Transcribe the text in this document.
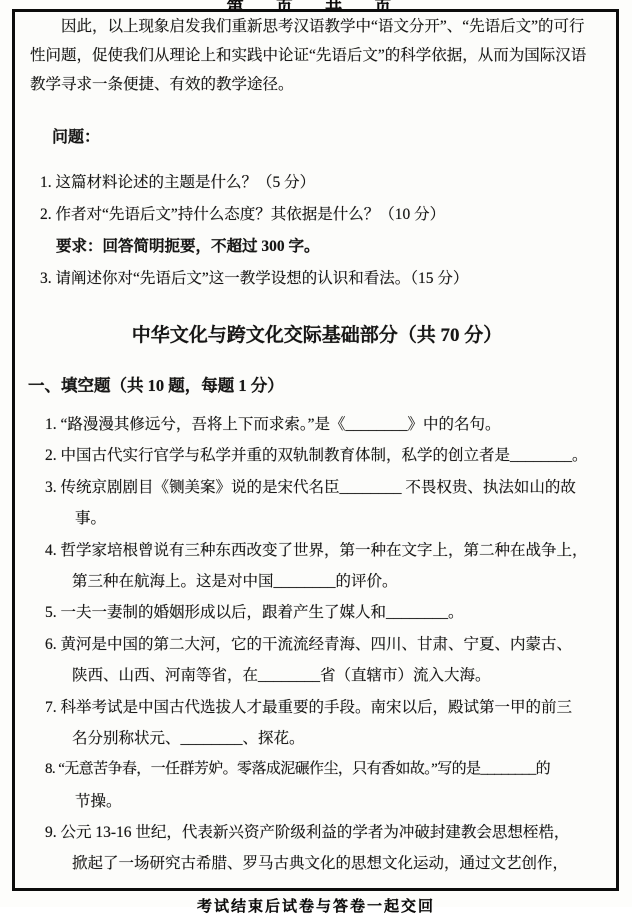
因此，以上现象启发我们重新思考汉语教学中“语文分开”、“先语后文”的可行
性问题，促使我们从理论上和实践中论证“先语后文”的科学依据，从而为国际汉语
教学寻求一条便捷、有效的教学途径。
问题：
1. 这篇材料论述的主题是什么？（5 分）
2. 作者对“先语后文”持什么态度？其依据是什么？（10 分）
要求：回答简明扼要，不超过 300 字。
3. 请阐述你对“先语后文”这一教学设想的认识和看法。（15 分）
中华文化与跨文化交际基础部分（共 70 分）
一、填空题（共 10 题，每题 1 分）
1. “路漫漫其修远兮，吾将上下而求索。”是《________》中的名句。
2. 中国古代实行官学与私学并重的双轨制教育体制，私学的创立者是________。
3. 传统京剧剧目《铡美案》说的是宋代名臣________ 不畏权贵、执法如山的故
事。
4. 哲学家培根曾说有三种东西改变了世界，第一种在文字上，第二种在战争上，
第三种在航海上。这是对中国________的评价。
5. 一夫一妻制的婚姻形成以后，跟着产生了媒人和________。
6. 黄河是中国的第二大河，它的干流流经青海、四川、甘肃、宁夏、内蒙古、
陕西、山西、河南等省，在________省（直辖市）流入大海。
7. 科举考试是中国古代选拔人才最重要的手段。南宋以后，殿试第一甲的前三
名分别称状元、________、探花。
8. “无意苦争春，一任群芳妒。零落成泥碾作尘，只有香如故。”写的是________的
节操。
9. 公元 13-16 世纪，代表新兴资产阶级利益的学者为冲破封建教会思想桎梏，
掀起了一场研究古希腊、罗马古典文化的思想文化运动，通过文艺创作，
考试结束后试卷与答卷一起交回
